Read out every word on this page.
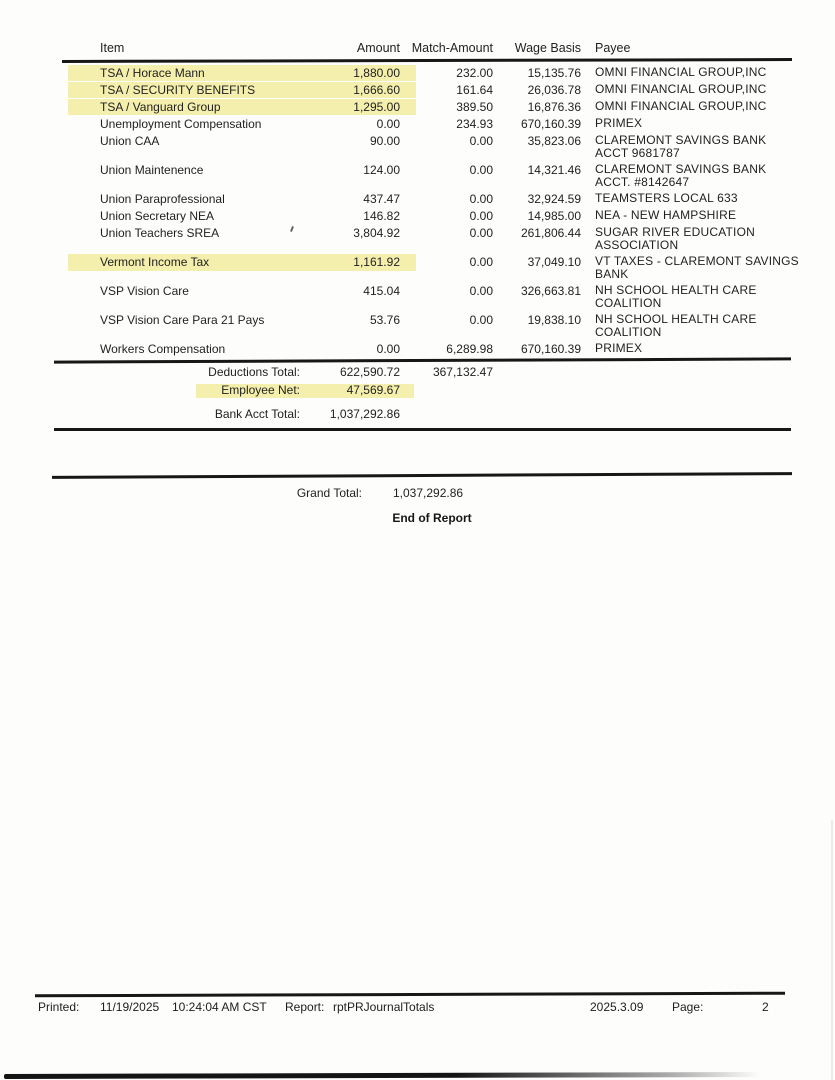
Item	Amount Match-Amount	Wage Basis Payee
TSA / Horace Mann	1,880.00	232.00	15,135.76 OMNI FINANCIAL GROUP,INC
TSA / SECURITY BENEFITS	1,666.60	161.64	26,036.78 OMNI FINANCIAL GROUP,INC
TSA / Vanguard Group	1,295.00	389.50	16,876.36 OMNI FINANCIAL GROUP,INC
Unemployment Compensation	0.00	234.93	670,160.39 PRIMEX
Union CAA	90.00	0.00	35,823.06 CLAREMONT SAVINGS BANK ACCT 9681787
Union Maintenence	124.00	0.00	14,321.46 CLAREMONT SAVINGS BANK ACCT. #8142647
Union Paraprofessional	437.47	0.00	32,924.59 TEAMSTERS LOCAL 633
Union Secretary NEA	146.82	0.00	14,985.00 NEA - NEW HAMPSHIRE
Union Teachers SREA	3,804.92	0.00	261,806.44 SUGAR RIVER EDUCATION ASSOCIATION
Vermont Income Tax	1,161.92	0.00	37,049.10 VT TAXES - CLAREMONT SAVINGS BANK
VSP Vision Care	415.04	0.00	326,663.81 NH SCHOOL HEALTH CARE COALITION
VSP Vision Care Para 21 Pays	53.76	0.00	19,838.10 NH SCHOOL HEALTH CARE COALITION
Workers Compensation	0.00	6,289.98	670,160.39 PRIMEX
Deductions Total:	622,590.72	367,132.47
Employee Net:	47,569.67
Bank Acct Total:	1,037,292.86
Grand Total:	1,037,292.86
End of Report
Printed: 11/19/2025 10:24:04 AM CST Report: rptPRJournalTotals	2025.3.09 Page:	2
